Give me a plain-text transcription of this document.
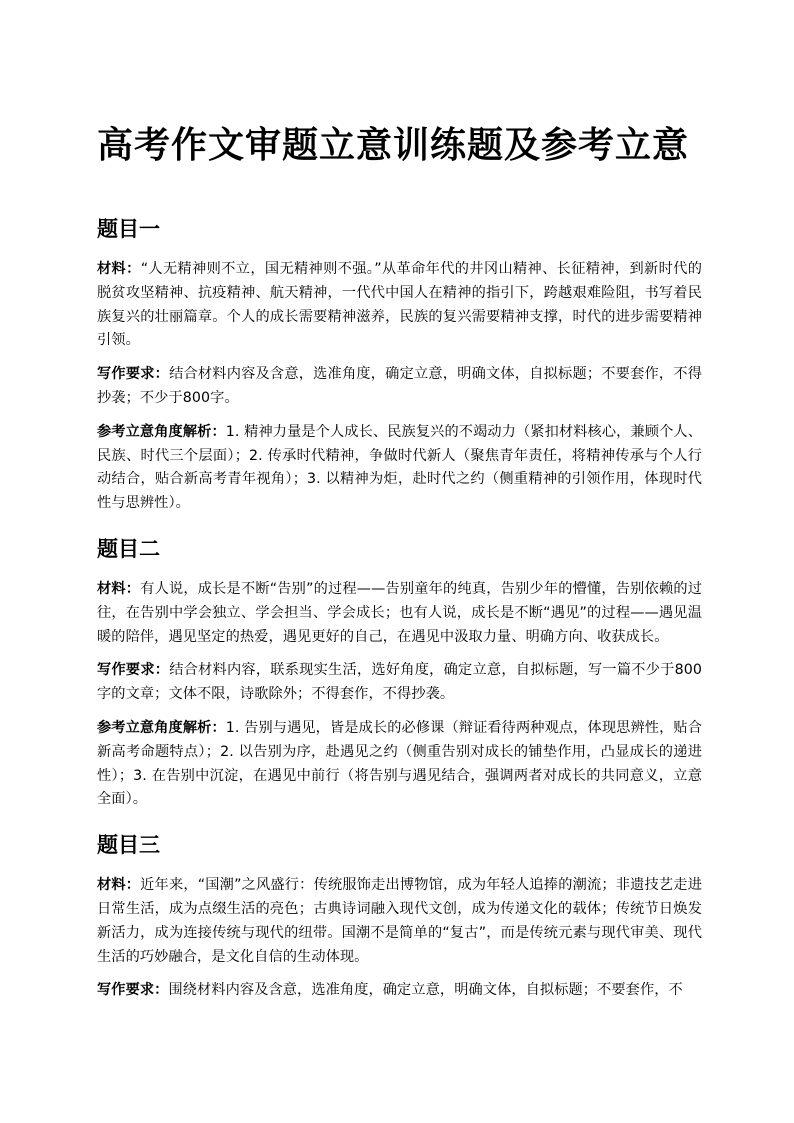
高考作文审题立意训练题及参考立意
题目一

材料：“人无精神则不立，国无精神则不强。”从革命年代的井冈山精神、长征精神，到新时代的脱贫攻坚精神、抗疫精神、航天精神，一代代中国人在精神的指引下，跨越艰难险阻，书写着民族复兴的壮丽篇章。个人的成长需要精神滋养，民族的复兴需要精神支撑，时代的进步需要精神引领。

写作要求：结合材料内容及含意，选准角度，确定立意，明确文体，自拟标题；不要套作，不得抄袭；不少于800字。

参考立意角度解析：1. 精神力量是个人成长、民族复兴的不竭动力（紧扣材料核心，兼顾个人、民族、时代三个层面）；2. 传承时代精神，争做时代新人（聚焦青年责任，将精神传承与个人行动结合，贴合新高考青年视角）；3. 以精神为炬，赴时代之约（侧重精神的引领作用，体现时代性与思辨性）。

题目二

材料：有人说，成长是不断“告别”的过程——告别童年的纯真，告别少年的懵懂，告别依赖的过往，在告别中学会独立、学会担当、学会成长；也有人说，成长是不断“遇见”的过程——遇见温暖的陪伴，遇见坚定的热爱，遇见更好的自己，在遇见中汲取力量、明确方向、收获成长。

写作要求：结合材料内容，联系现实生活，选好角度，确定立意，自拟标题，写一篇不少于800字的文章；文体不限，诗歌除外；不得套作，不得抄袭。

参考立意角度解析：1. 告别与遇见，皆是成长的必修课（辩证看待两种观点，体现思辨性，贴合新高考命题特点）；2. 以告别为序，赴遇见之约（侧重告别对成长的铺垫作用，凸显成长的递进性）；3. 在告别中沉淀，在遇见中前行（将告别与遇见结合，强调两者对成长的共同意义，立意全面）。

题目三

材料：近年来，“国潮”之风盛行：传统服饰走出博物馆，成为年轻人追捧的潮流；非遗技艺走进日常生活，成为点缀生活的亮色；古典诗词融入现代文创，成为传递文化的载体；传统节日焕发新活力，成为连接传统与现代的纽带。国潮不是简单的“复古”，而是传统元素与现代审美、现代生活的巧妙融合，是文化自信的生动体现。

写作要求：围绕材料内容及含意，选准角度，确定立意，明确文体，自拟标题；不要套作，不
